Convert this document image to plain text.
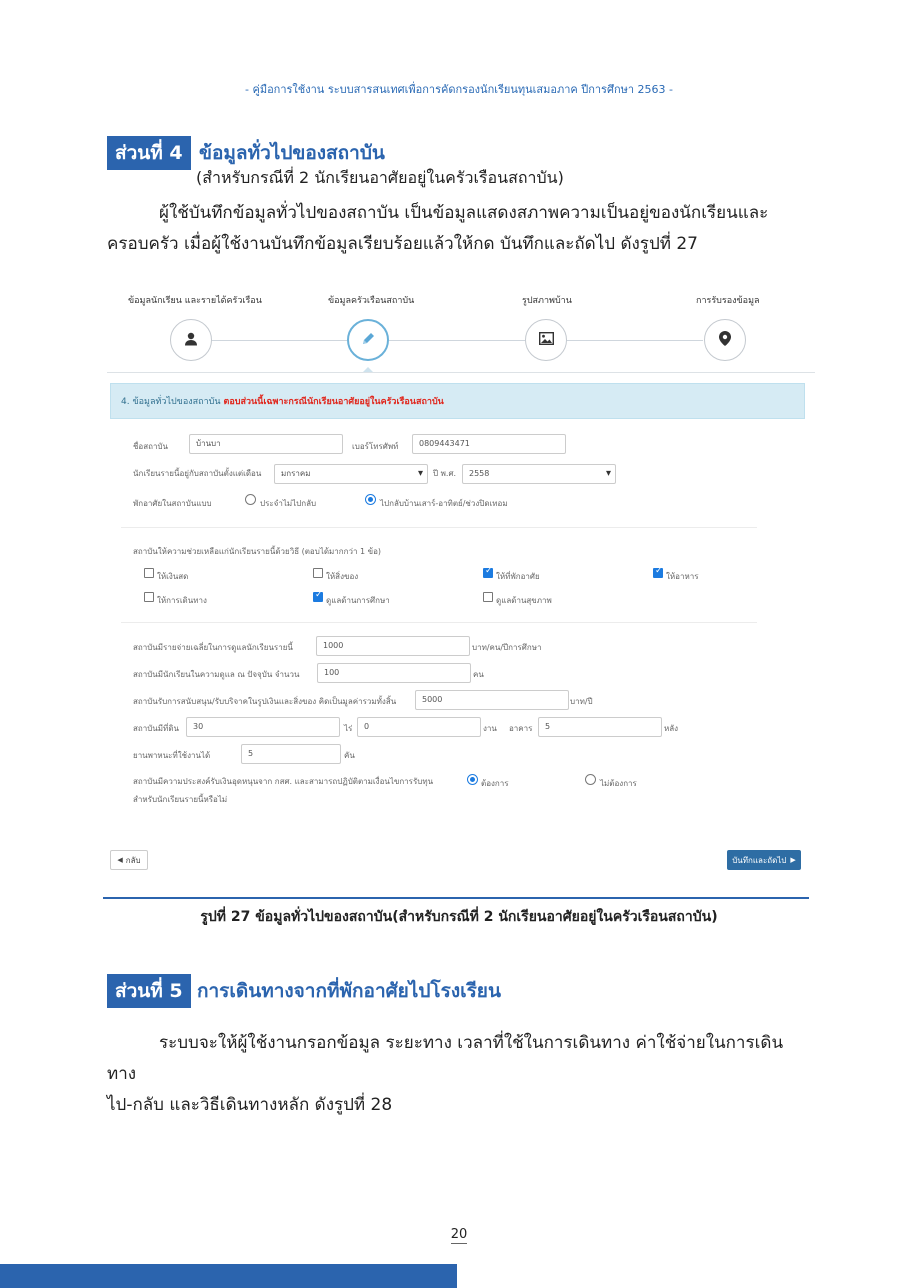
- คู่มือการใช้งาน ระบบสารสนเทศเพื่อการคัดกรองนักเรียนทุนเสมอภาค ปีการศึกษา 2563 -
ส่วนที่ 4 ข้อมูลทั่วไปของสถาบัน
(สำหรับกรณีที่ 2 นักเรียนอาศัยอยู่ในครัวเรือนสถาบัน)
ผู้ใช้บันทึกข้อมูลทั่วไปของสถาบัน เป็นข้อมูลแสดงสภาพความเป็นอยู่ของนักเรียนและ
ครอบครัว เมื่อผู้ใช้งานบันทึกข้อมูลเรียบร้อยแล้วให้กด บันทึกและถัดไป ดังรูปที่ 27
ข้อมูลนักเรียน และรายได้ครัวเรือน	ข้อมูลครัวเรือนสถาบัน	รูปสภาพบ้าน	การรับรองข้อมูล
4. ข้อมูลทั่วไปของสถาบัน ตอบส่วนนี้เฉพาะกรณีนักเรียนอาศัยอยู่ในครัวเรือนสถาบัน
ชื่อสถาบัน	บ้านบา	เบอร์โทรศัพท์	0809443471
นักเรียนรายนี้อยู่กับสถาบันตั้งแต่เดือน	มกราคม ▾	ปี พ.ศ.	2558 ▾
พักอาศัยในสถาบันแบบ	ประจำไม่ไปกลับ	ไปกลับบ้านเสาร์-อาทิตย์/ช่วงปิดเทอม
สถาบันให้ความช่วยเหลือแก่นักเรียนรายนี้ด้วยวิธี (ตอบได้มากกว่า 1 ข้อ)
ให้เงินสด	ให้สิ่งของ ✓	ให้ที่พักอาศัย ✓	ให้อาหาร
ให้การเดินทาง ✓	ดูแลด้านการศึกษา	ดูแลด้านสุขภาพ
สถาบันมีรายจ่ายเฉลี่ยในการดูแลนักเรียนรายนี้	1000	บาท/คน/ปีการศึกษา
สถาบันมีนักเรียนในความดูแล ณ ปัจจุบัน จำนวน	100	คน
สถาบันรับการสนับสนุน/รับบริจาคในรูปเงินและสิ่งของ คิดเป็นมูลค่ารวมทั้งสิ้น	5000	บาท/ปี
สถาบันมีที่ดิน	30	ไร่	0	งาน อาคาร	5	หลัง
ยานพาหนะที่ใช้งานได้	5	คัน
สถาบันมีความประสงค์รับเงินอุดหนุนจาก กสศ. และสามารถปฏิบัติตามเงื่อนไขการรับทุน
สำหรับนักเรียนรายนี้หรือไม่
ต้องการ	ไม่ต้องการ
◀ กลับ	บันทึกและถัดไป ▶
รูปที่ 27 ข้อมูลทั่วไปของสถาบัน(สำหรับกรณีที่ 2 นักเรียนอาศัยอยู่ในครัวเรือนสถาบัน)
ส่วนที่ 5 การเดินทางจากที่พักอาศัยไปโรงเรียน
ระบบจะให้ผู้ใช้งานกรอกข้อมูล ระยะทาง เวลาที่ใช้ในการเดินทาง ค่าใช้จ่ายในการเดินทาง
ไป-กลับ และวิธีเดินทางหลัก ดังรูปที่ 28
20
